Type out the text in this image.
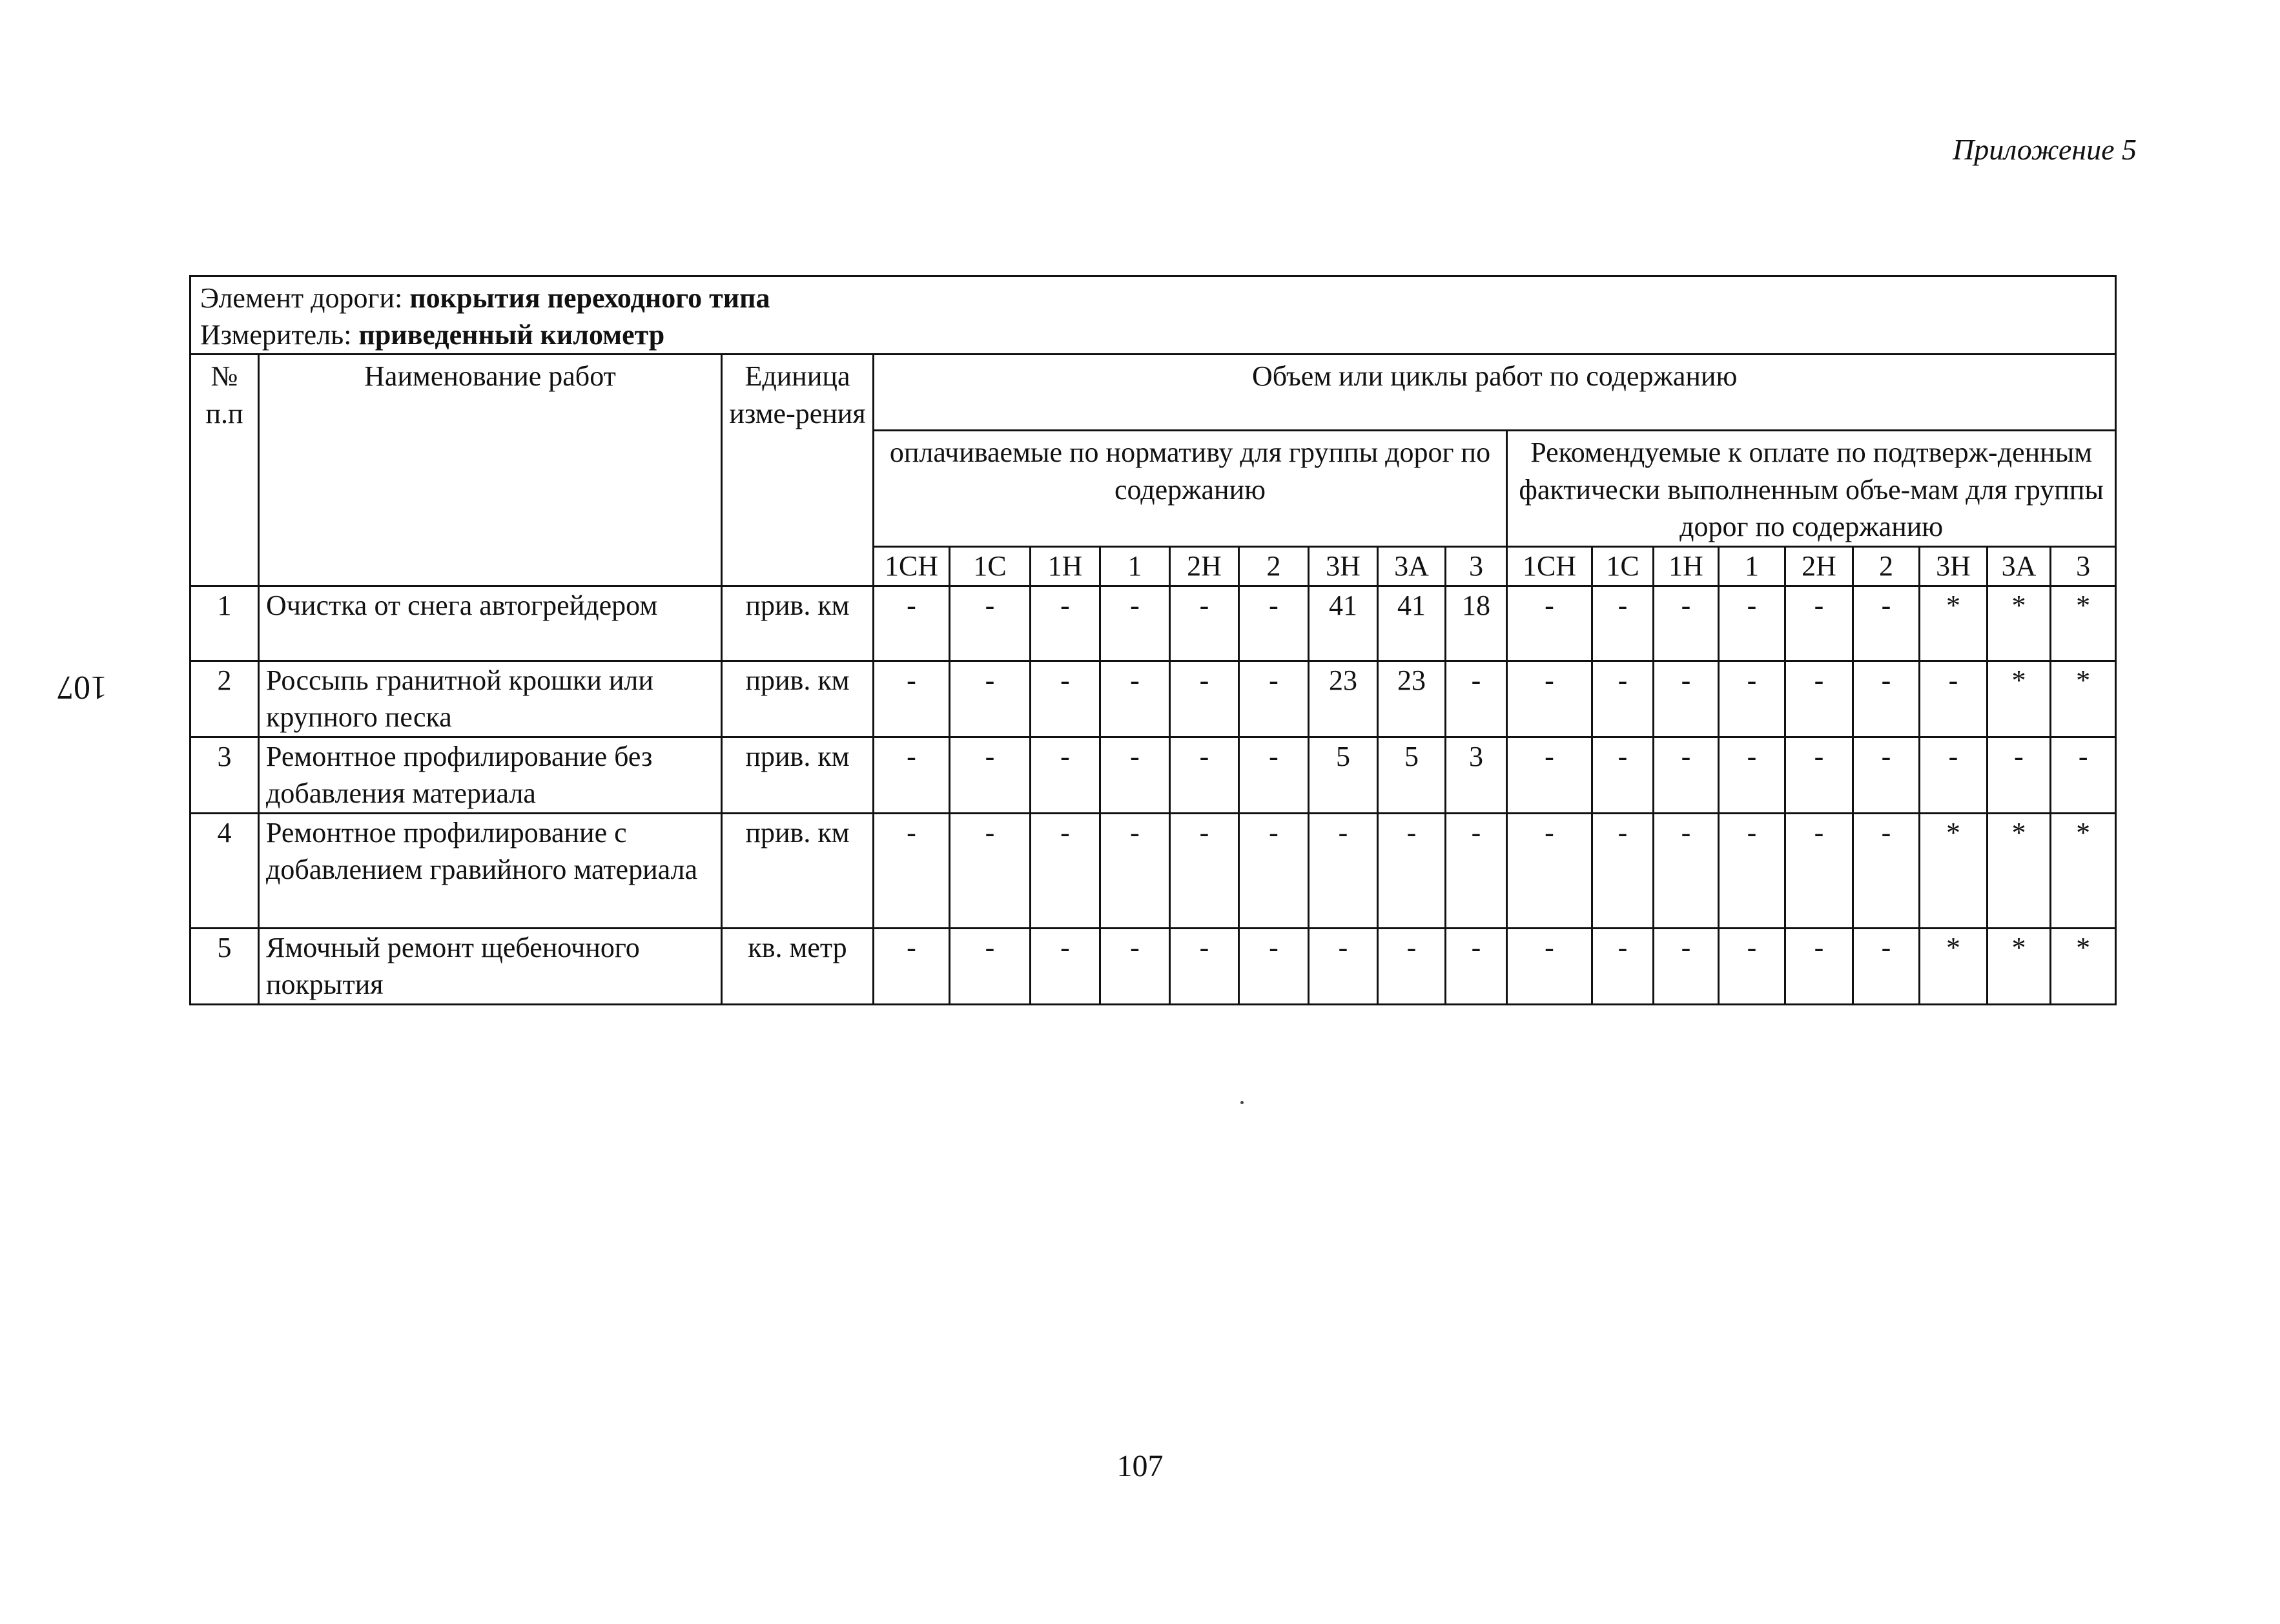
Приложение 5
107
Элемент дороги: покрытия переходного типа
Измеритель: приведенный километр																				

№ п.п	Наименование работ	Единица изме-рения	Объем или циклы работ по содержанию																	
			оплачиваемые по нормативу для группы дорог по содержанию									Рекомендуемые к оплате по подтверж-денным фактически выполненным объе-мам для группы дорог по содержанию								
			1СН	1С	1Н	1	2Н	2	3Н	3А	3	1СН	1С	1Н	1	2Н	2	3Н	3А	3
1	Очистка от снега автогрейдером	прив. км	-	-	-	-	-	-	41	41	18	-	-	-	-	-	-	*	*	*
2	Россыпь гранитной крошки или крупного песка	прив. км	-	-	-	-	-	-	23	23	-	-	-	-	-	-	-	-	*	*
3	Ремонтное профилирование без добавления материала	прив. км	-	-	-	-	-	-	5	5	3	-	-	-	-	-	-	-	-	-
4	Ремонтное профилирование с добавлением гравийного материала	прив. км	-	-	-	-	-	-	-	-	-	-	-	-	-	-	-	*	*	*
5	Ямочный ремонт щебеночного покрытия	кв. метр	-	-	-	-	-	-	-	-	-	-	-	-	-	-	-	*	*	*
107
